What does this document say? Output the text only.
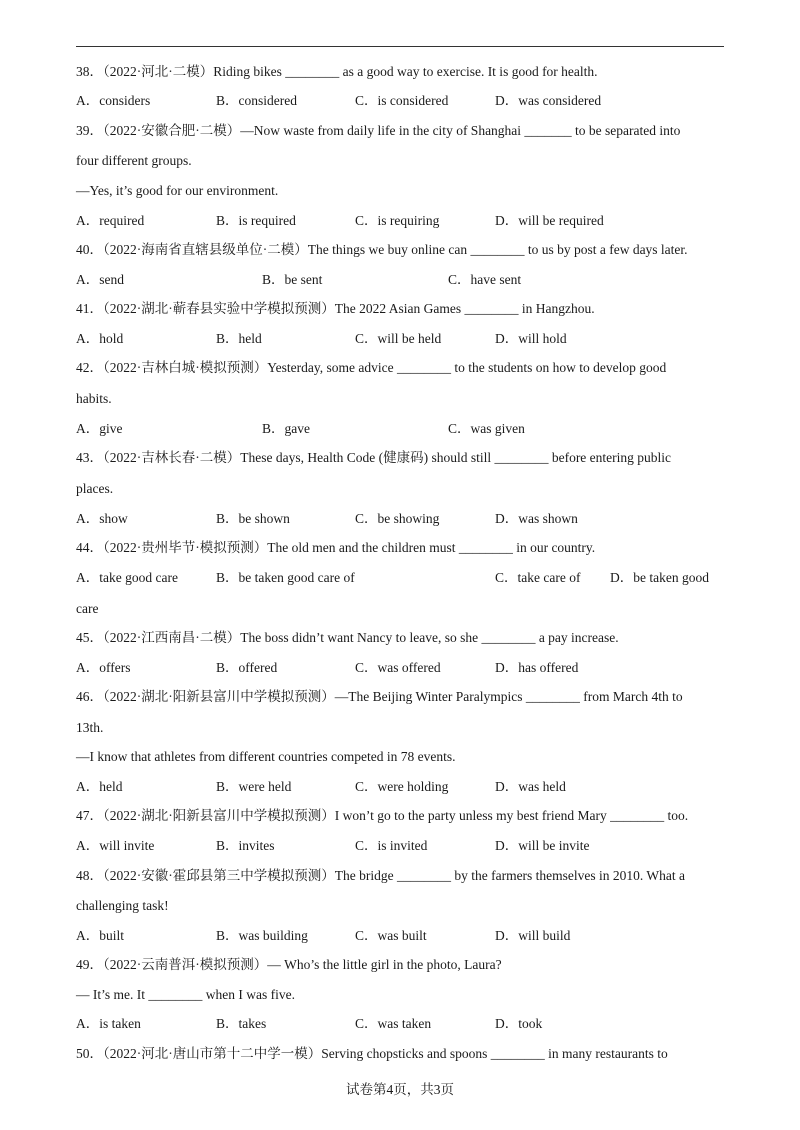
38．（2022·河北·二模）Riding bikes ________ as a good way to exercise. It is good for health.
A．considers	B．considered	C．is considered	D．was considered
39．（2022·安徽合肥·二模）—Now waste from daily life in the city of Shanghai _______ to be separated into
four different groups.
—Yes, it’s good for our environment.
A．required	B．is required	C．is requiring	D．will be required
40．（2022·海南省直辖县级单位·二模）The things we buy online can ________ to us by post a few days later.
A．send	B．be sent	C．have sent
41．（2022·湖北·蕲春县实验中学模拟预测）The 2022 Asian Games ________ in Hangzhou.
A．hold	B．held	C．will be held	D．will hold
42．（2022·吉林白城·模拟预测）Yesterday, some advice ________ to the students on how to develop good
habits.
A．give	B．gave	C．was given
43．（2022·吉林长春·二模）These days, Health Code (健康码) should still ________ before entering public
places.
A．show	B．be shown	C．be showing	D．was shown
44．（2022·贵州毕节·模拟预测）The old men and the children must ________ in our country.
A．take good care	B．be taken good care of	C．take care of D．be taken good
care
45．（2022·江西南昌·二模）The boss didn’t want Nancy to leave, so she ________ a pay increase.
A．offers	B．offered	C．was offered	D．has offered
46．（2022·湖北·阳新县富川中学模拟预测）—The Beijing Winter Paralympics ________ from March 4th to
13th.
—I know that athletes from different countries competed in 78 events.
A．held	B．were held	C．were holding	D．was held
47．（2022·湖北·阳新县富川中学模拟预测）I won’t go to the party unless my best friend Mary ________ too.
A．will invite	B．invites	C．is invited	D．will be invite
48．（2022·安徽·霍邱县第三中学模拟预测）The bridge ________ by the farmers themselves in 2010. What a
challenging task!
A．built	B．was building	C．was built	D．will build
49．（2022·云南普洱·模拟预测）— Who’s the little girl in the photo, Laura?
— It’s me. It ________ when I was five.
A．is taken	B．takes	C．was taken	D．took
50．（2022·河北·唐山市第十二中学一模）Serving chopsticks and spoons ________ in many restaurants to
试卷第4页，共3页
